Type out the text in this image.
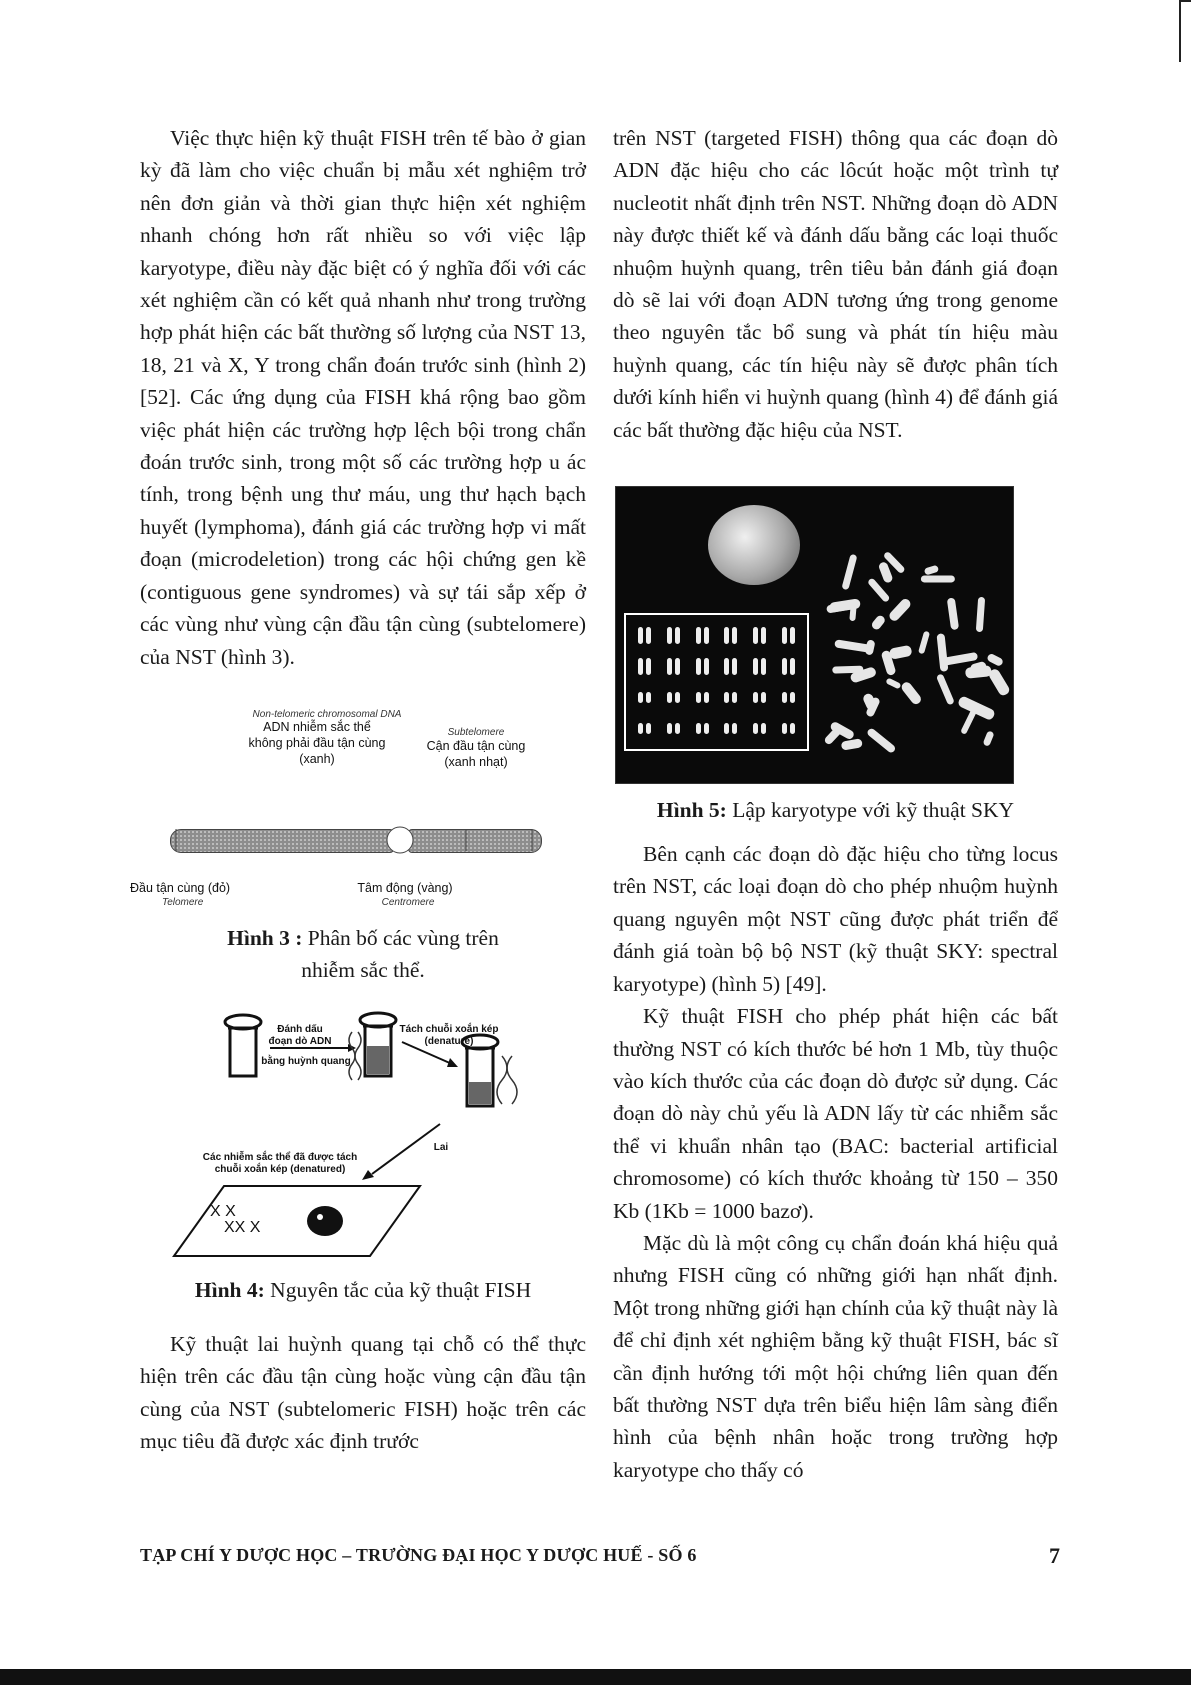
Việc thực hiện kỹ thuật FISH trên tế bào ở gian kỳ đã làm cho việc chuẩn bị mẫu xét nghiệm trở nên đơn giản và thời gian thực hiện xét nghiệm nhanh chóng hơn rất nhiều so với việc lập karyotype, điều này đặc biệt có ý nghĩa đối với các xét nghiệm cần có kết quả nhanh như trong trường hợp phát hiện các bất thường số lượng của NST 13, 18, 21 và X, Y trong chẩn đoán trước sinh (hình 2) [52]. Các ứng dụng của FISH khá rộng bao gồm việc phát hiện các trường hợp lệch bội trong chẩn đoán trước sinh, trong một số các trường hợp u ác tính, trong bệnh ung thư máu, ung thư hạch bạch huyết (lymphoma), đánh giá các trường hợp vi mất đoạn (microdeletion) trong các hội chứng gen kề (contiguous gene syndromes) và sự tái sắp xếp ở các vùng như vùng cận đầu tận cùng (subtelomere) của NST (hình 3).

Non-telomeric chromosomal DNA
ADN nhiễm sắc thể
không phải đầu tận cùng
(xanh)
Subtelomere
Cận đầu tận cùng
(xanh nhạt)
Đầu tận cùng (đỏ)
Telomere
Tâm động (vàng)
Centromere

Hình 3 : Phân bố các vùng trên

nhiễm sắc thể.

X X
XX X
Đánh dấu
đoạn dò ADN
bằng huỳnh quang
Tách chuỗi xoắn kép
(denature)
Lai
Các nhiễm sắc thể đã được tách
chuỗi xoắn kép (denatured)

Hình 4: Nguyên tắc của kỹ thuật FISH

Kỹ thuật lai huỳnh quang tại chỗ có thể thực hiện trên các đầu tận cùng hoặc vùng cận đầu tận cùng của NST (subtelomeric FISH) hoặc trên các mục tiêu đã được xác định trước

trên NST (targeted FISH) thông qua các đoạn dò ADN đặc hiệu cho các lôcút hoặc một trình tự nucleotit nhất định trên NST. Những đoạn dò ADN này được thiết kế và đánh dấu bằng các loại thuốc nhuộm huỳnh quang, trên tiêu bản đánh giá đoạn dò sẽ lai với đoạn ADN tương ứng trong genome theo nguyên tắc bổ sung và phát tín hiệu màu huỳnh quang, các tín hiệu này sẽ được phân tích dưới kính hiển vi huỳnh quang (hình 4) để đánh giá các bất thường đặc hiệu của NST.

Hình 5: Lập karyotype với kỹ thuật SKY

Bên cạnh các đoạn dò đặc hiệu cho từng locus trên NST, các loại đoạn dò cho phép nhuộm huỳnh quang nguyên một NST cũng được phát triển để đánh giá toàn bộ bộ NST (kỹ thuật SKY: spectral karyotype) (hình 5) [49].

Kỹ thuật FISH cho phép phát hiện các bất thường NST có kích thước bé hơn 1 Mb, tùy thuộc vào kích thước của các đoạn dò được sử dụng. Các đoạn dò này chủ yếu là ADN lấy từ các nhiễm sắc thể vi khuẩn nhân tạo (BAC: bacterial artificial chromosome) có kích thước khoảng từ 150 – 350 Kb (1Kb = 1000 bazơ).

Mặc dù là một công cụ chẩn đoán khá hiệu quả nhưng FISH cũng có những giới hạn nhất định. Một trong những giới hạn chính của kỹ thuật này là để chỉ định xét nghiệm bằng kỹ thuật FISH, bác sĩ cần định hướng tới một hội chứng liên quan đến bất thường NST dựa trên biểu hiện lâm sàng điển hình của bệnh nhân hoặc trong trường hợp karyotype cho thấy có

TẠP CHÍ Y DƯỢC HỌC – TRƯỜNG ĐẠI HỌC Y DƯỢC HUẾ - SỐ 6	7
